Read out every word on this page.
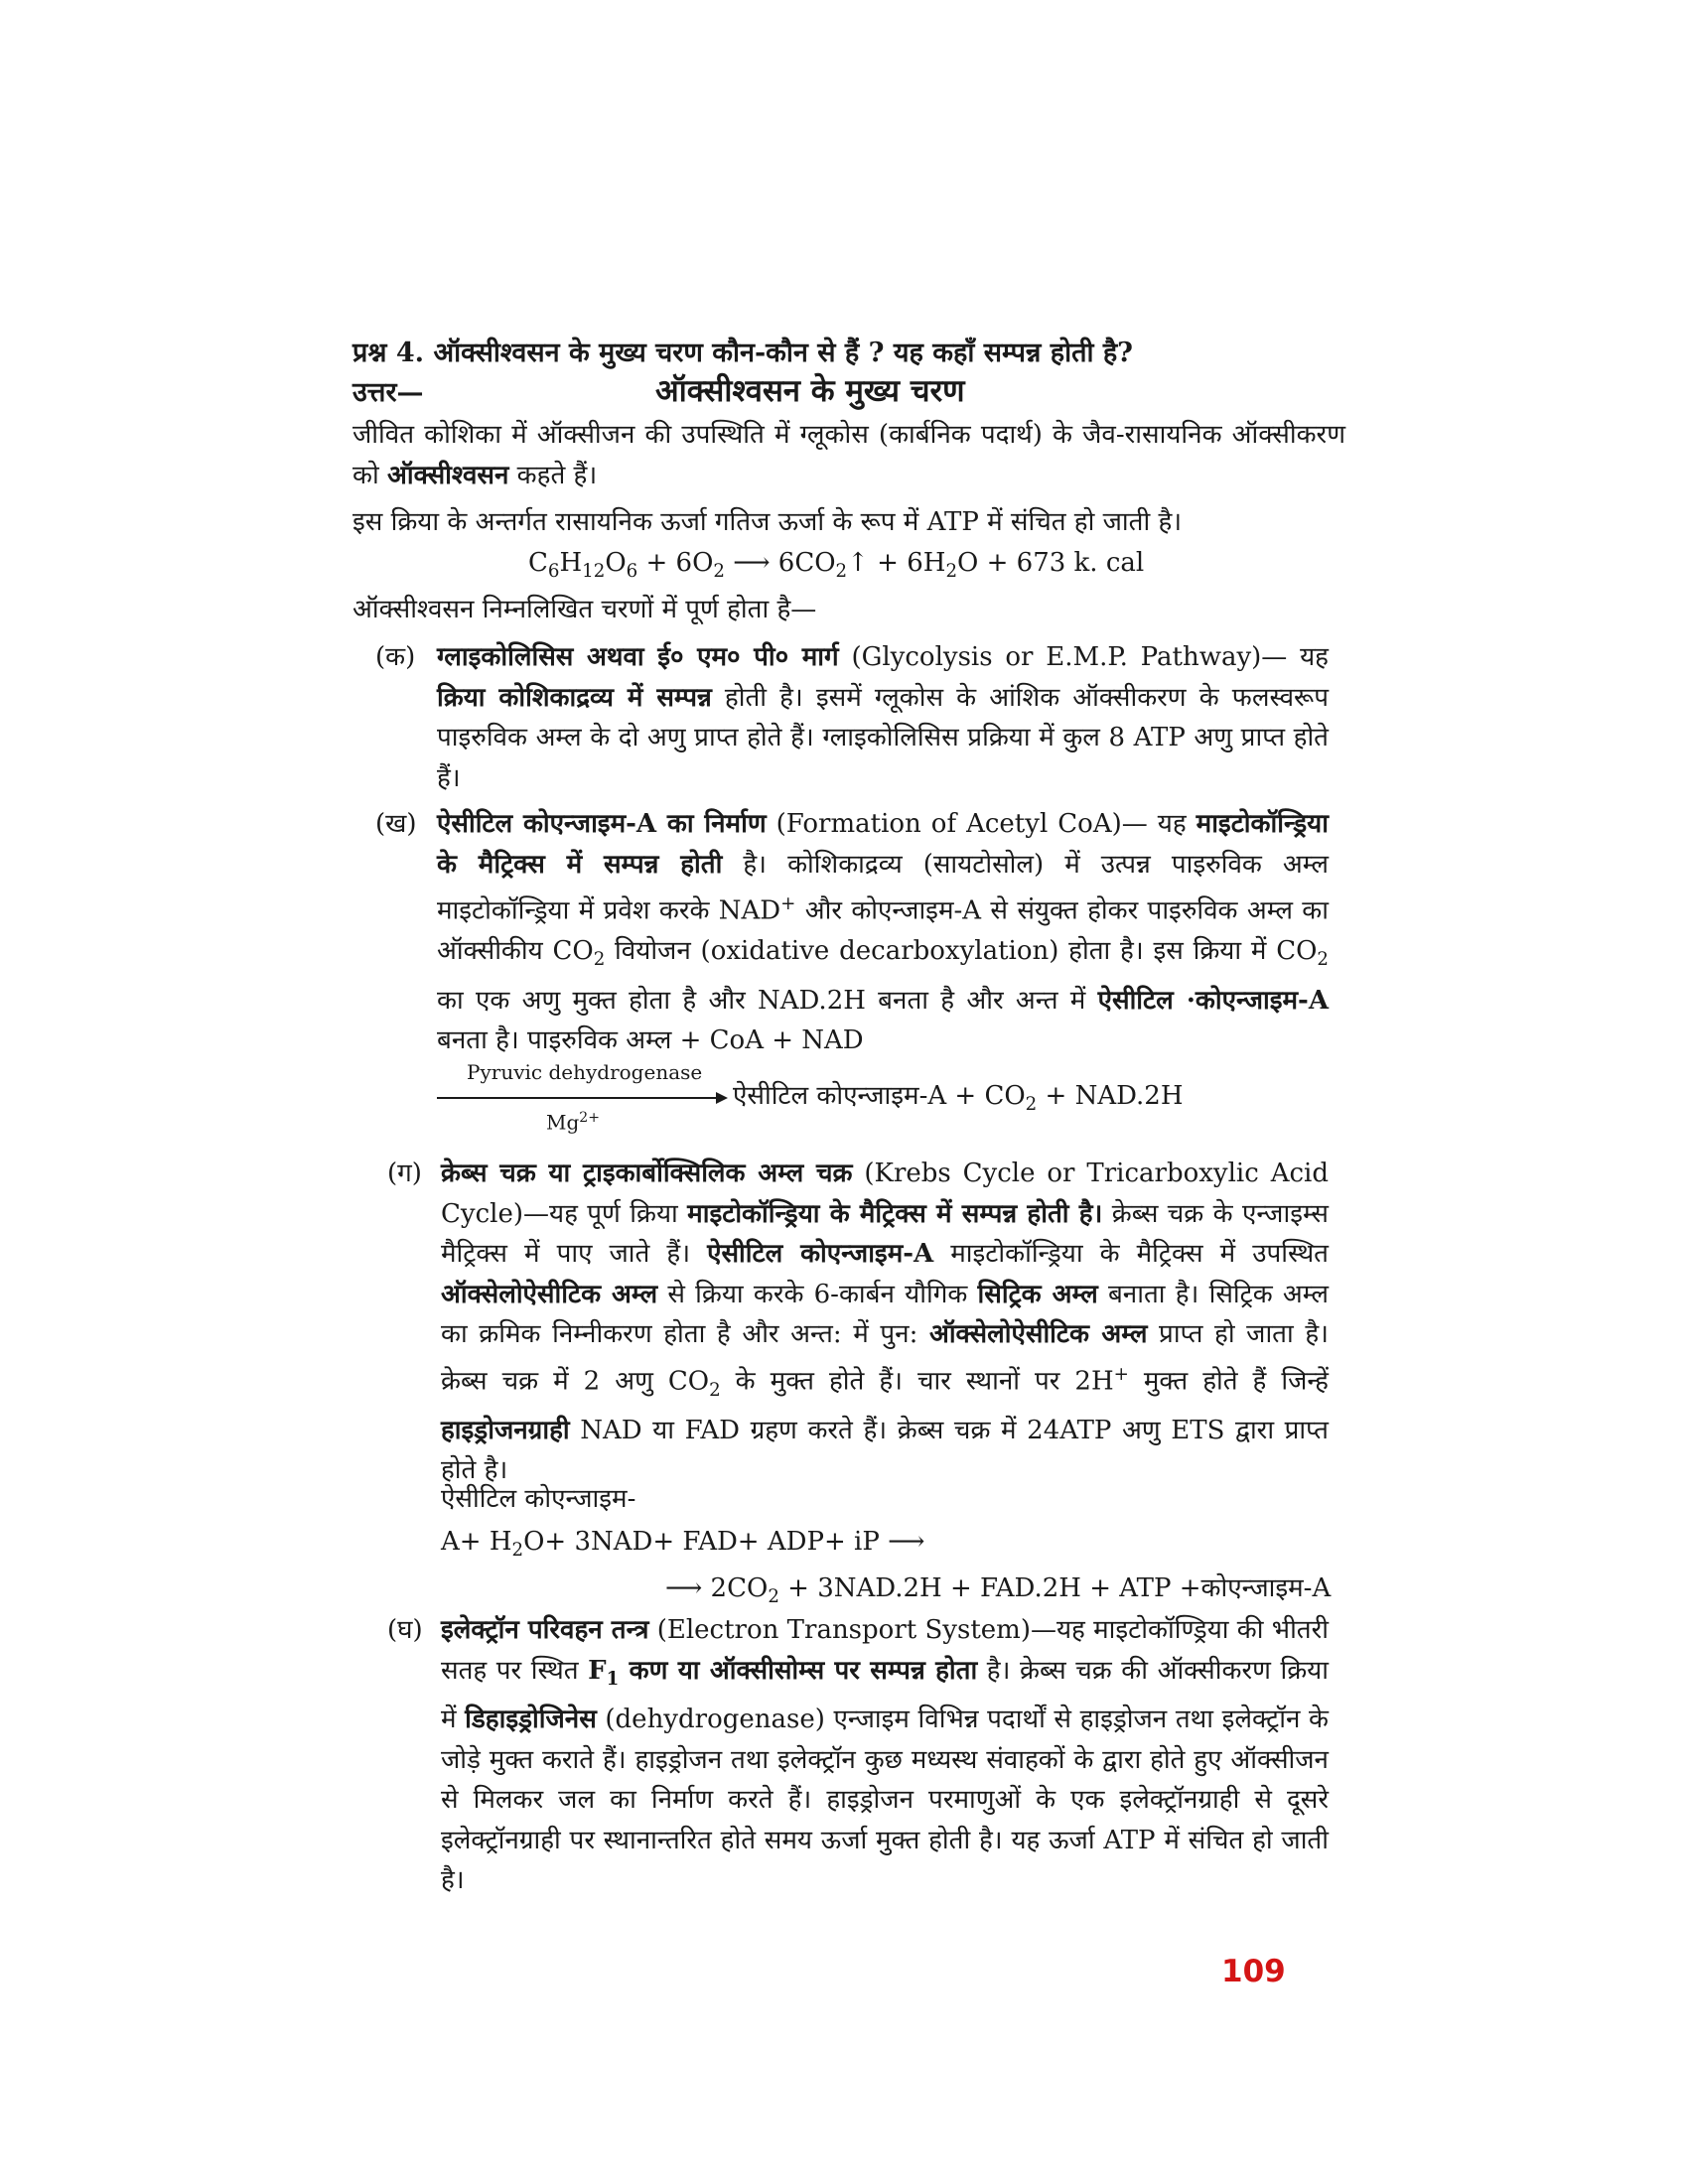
प्रश्न 4. ऑक्सीश्वसन के मुख्य चरण कौन-कौन से हैं ? यह कहाँ सम्पन्न होती है?
उत्तर—	ऑक्सीश्वसन के मुख्य चरण
जीवित कोशिका में ऑक्सीजन की उपस्थिति में ग्लूकोस (कार्बनिक पदार्थ) के जैव-रासायनिक ऑक्सीकरण को ऑक्सीश्वसन कहते हैं।
इस क्रिया के अन्तर्गत रासायनिक ऊर्जा गतिज ऊर्जा के रूप में ATP में संचित हो जाती है।
$C_6H_{12}O_6 + 6O_2$ ⟶ $6CO_2↑ + 6H_2O + 673$ k. cal
ऑक्सीश्वसन निम्नलिखित चरणों में पूर्ण होता है—
(क) ग्लाइकोलिसिस अथवा ई० एम० पी० मार्ग (Glycolysis or E.M.P. Pathway)— यह क्रिया कोशिकाद्रव्य में सम्पन्न होती है। इसमें ग्लूकोस के आंशिक ऑक्सीकरण के फलस्वरूप पाइरुविक अम्ल के दो अणु प्राप्त होते हैं। ग्लाइकोलिसिस प्रक्रिया में कुल 8 ATP अणु प्राप्त होते हैं।
(ख) ऐसीटिल कोएन्जाइम-A का निर्माण (Formation of Acetyl CoA)— यह माइटोकॉन्ड्रिया के मैट्रिक्स में सम्पन्न होती है। कोशिकाद्रव्य (सायटोसोल) में उत्पन्न पाइरुविक अम्ल माइटोकॉन्ड्रिया में प्रवेश करके NAD+ और कोएन्जाइम-A से संयुक्त होकर पाइरुविक अम्ल का ऑक्सीकीय $CO_2$ वियोजन (oxidative decarboxylation) होता है। इस क्रिया में $CO_2$ का एक अणु मुक्त होता है और NAD.2H बनता है और अन्त में ऐसीटिल ·कोएन्जाइम-A बनता है। पाइरुविक अम्ल + CoA + NAD
Pyruvic dehydrogenase
$Mg^{2+}$
ऐसीटिल कोएन्जाइम-A + $CO_2 + NAD.2H$
(ग) क्रेब्स चक्र या ट्राइकार्बोक्सिलिक अम्ल चक्र (Krebs Cycle or Tricarboxylic Acid Cycle)—यह पूर्ण क्रिया माइटोकॉन्ड्रिया के मैट्रिक्स में सम्पन्न होती है। क्रेब्स चक्र के एन्जाइम्स मैट्रिक्स में पाए जाते हैं। ऐसीटिल कोएन्जाइम-A माइटोकॉन्ड्रिया के मैट्रिक्स में उपस्थित ऑक्सेलोऐसीटिक अम्ल से क्रिया करके 6-कार्बन यौगिक सिट्रिक अम्ल बनाता है। सिट्रिक अम्ल का क्रमिक निम्नीकरण होता है और अन्त: में पुन: ऑक्सेलोऐसीटिक अम्ल प्राप्त हो जाता है। क्रेब्स चक्र में 2 अणु $CO_2$ के मुक्त होते हैं। चार स्थानों पर 2H+ मुक्त होते हैं जिन्हें हाइड्रोजनग्राही NAD या FAD ग्रहण करते हैं। क्रेब्स चक्र में 24ATP अणु ETS द्वारा प्राप्त होते है।
ऐसीटिल कोएन्जाइम-
$A+ H_2O+ 3NAD+ FAD+ ADP+$ iP ⟶
⟶ $2CO_2 + 3NAD.2H + FAD.2H$ + ATP +कोएन्जाइम-A
(घ) इलेक्ट्रॉन परिवहन तन्त्र (Electron Transport System)—यह माइटोकॉण्ड्रिया की भीतरी सतह पर स्थित $F_1$ कण या ऑक्सीसोम्स पर सम्पन्न होता है। क्रेब्स चक्र की ऑक्सीकरण क्रिया में डिहाइड्रोजिनेस (dehydrogenase) एन्जाइम विभिन्न पदार्थों से हाइड्रोजन तथा इलेक्ट्रॉन के जोड़े मुक्त कराते हैं। हाइड्रोजन तथा इलेक्ट्रॉन कुछ मध्यस्थ संवाहकों के द्वारा होते हुए ऑक्सीजन से मिलकर जल का निर्माण करते हैं। हाइड्रोजन परमाणुओं के एक इलेक्ट्रॉनग्राही से दूसरे इलेक्ट्रॉनग्राही पर स्थानान्तरित होते समय ऊर्जा मुक्त होती है। यह ऊर्जा ATP में संचित हो जाती है।
109
